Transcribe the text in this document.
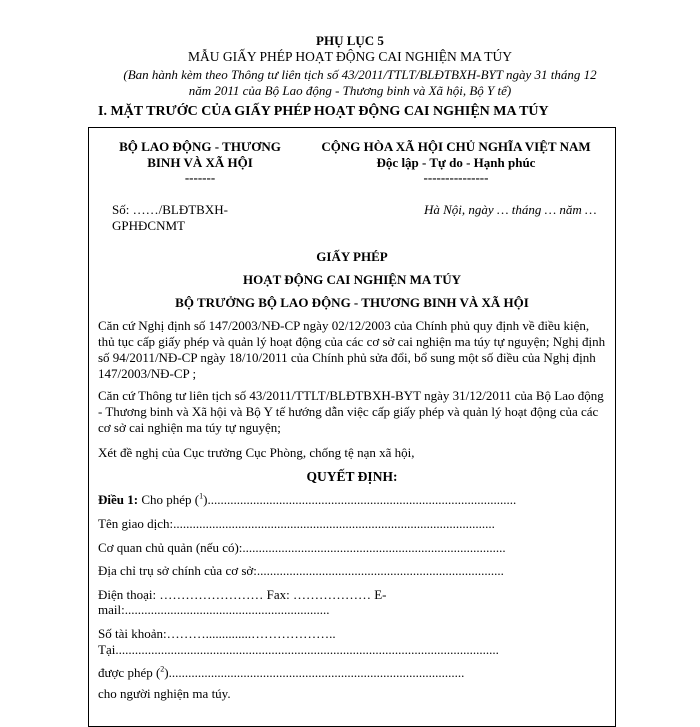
PHỤ LỤC 5
MẪU GIẤY PHÉP HOẠT ĐỘNG CAI NGHIỆN MA TÚY
(Ban hành kèm theo Thông tư liên tịch số 43/2011/TTLT/BLĐTBXH-BYT ngày 31 tháng 12
năm 2011 của Bộ Lao động - Thương binh và Xã hội, Bộ Y tế)
I. MẶT TRƯỚC CỦA GIẤY PHÉP HOẠT ĐỘNG CAI NGHIỆN MA TÚY
BỘ LAO ĐỘNG - THƯƠNG
BINH VÀ XÃ HỘI
-------
Số: ……/BLĐTBXH-
GPHĐCNMT
CỘNG HÒA XÃ HỘI CHỦ NGHĨA VIỆT NAM
Độc lập - Tự do - Hạnh phúc
---------------
Hà Nội, ngày … tháng … năm …
GIẤY PHÉP
HOẠT ĐỘNG CAI NGHIỆN MA TÚY
BỘ TRƯỞNG BỘ LAO ĐỘNG - THƯƠNG BINH VÀ XÃ HỘI
Căn cứ Nghị định số 147/2003/NĐ-CP ngày 02/12/2003 của Chính phủ quy định về điều kiện, thủ tục cấp giấy phép và quản lý hoạt động của các cơ sở cai nghiện ma túy tự nguyện; Nghị định số 94/2011/NĐ-CP ngày 18/10/2011 của Chính phủ sửa đổi, bổ sung một số điều của Nghị định 147/2003/NĐ-CP ;
Căn cứ Thông tư liên tịch số 43/2011/TTLT/BLĐTBXH-BYT ngày 31/12/2011 của Bộ Lao động - Thương binh và Xã hội và Bộ Y tế hướng dẫn việc cấp giấy phép và quản lý hoạt động của các cơ sở cai nghiện ma túy tự nguyện;
Xét đề nghị của Cục trưởng Cục Phòng, chống tệ nạn xã hội,
QUYẾT ĐỊNH:
Điều 1: Cho phép ($^1$)...............................................................................................
Tên giao dịch:...................................................................................................
Cơ quan chủ quản (nếu có):.................................................................................
Địa chỉ trụ sở chính của cơ sở:............................................................................
Điện thoại: …………………… Fax: ……………… E-
mail:...............................................................
Số tài khoản:………..............………………..
Tại......................................................................................................................
được phép ($^2$)...........................................................................................
cho người nghiện ma túy.
